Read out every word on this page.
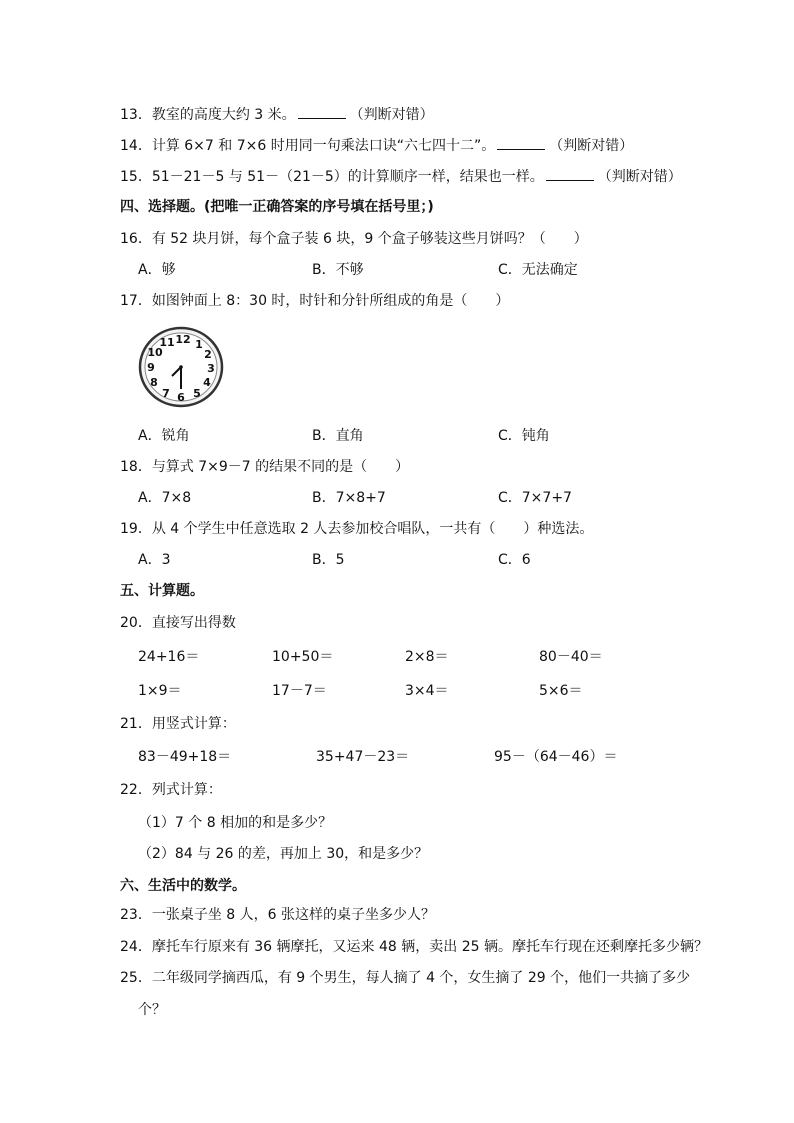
13．教室的高度大约 3 米。	（判断对错）
14．计算 6×7 和 7×6 时用同一句乘法口诀“六七四十二”。	（判断对错）
15．51－21－5 与 51－（21－5）的计算顺序一样，结果也一样。	（判断对错）
四、选择题。(把唯一正确答案的序号填在括号里；)
16．有 52 块月饼，每个盒子装 6 块，9 个盒子够装这些月饼吗？（　　）
A．够	B．不够	C．无法确定
17．如图钟面上 8：30 时，时针和分针所组成的角是（　　）
12 1
2
3
4
5
6
7
8
9
10
11
A．锐角	B．直角	C．钝角
18．与算式 7×9－7 的结果不同的是（　　）
A．7×8	B．7×8+7	C．7×7+7
19．从 4 个学生中任意选取 2 人去参加校合唱队，一共有（　　）种选法。
A．3	B．5	C．6
五、计算题。
20．直接写出得数
24+16＝	10+50＝	2×8＝	80－40＝
1×9＝	17－7＝	3×4＝	5×6＝
21．用竖式计算：
83－49+18＝	35+47－23＝	95－（64－46）＝
22．列式计算：
（1）7 个 8 相加的和是多少？
（2）84 与 26 的差，再加上 30，和是多少？
六、生活中的数学。
23．一张桌子坐 8 人，6 张这样的桌子坐多少人？
24．摩托车行原来有 36 辆摩托，又运来 48 辆，卖出 25 辆。摩托车行现在还剩摩托多少辆？
25．二年级同学摘西瓜，有 9 个男生，每人摘了 4 个，女生摘了 29 个，他们一共摘了多少
个？
